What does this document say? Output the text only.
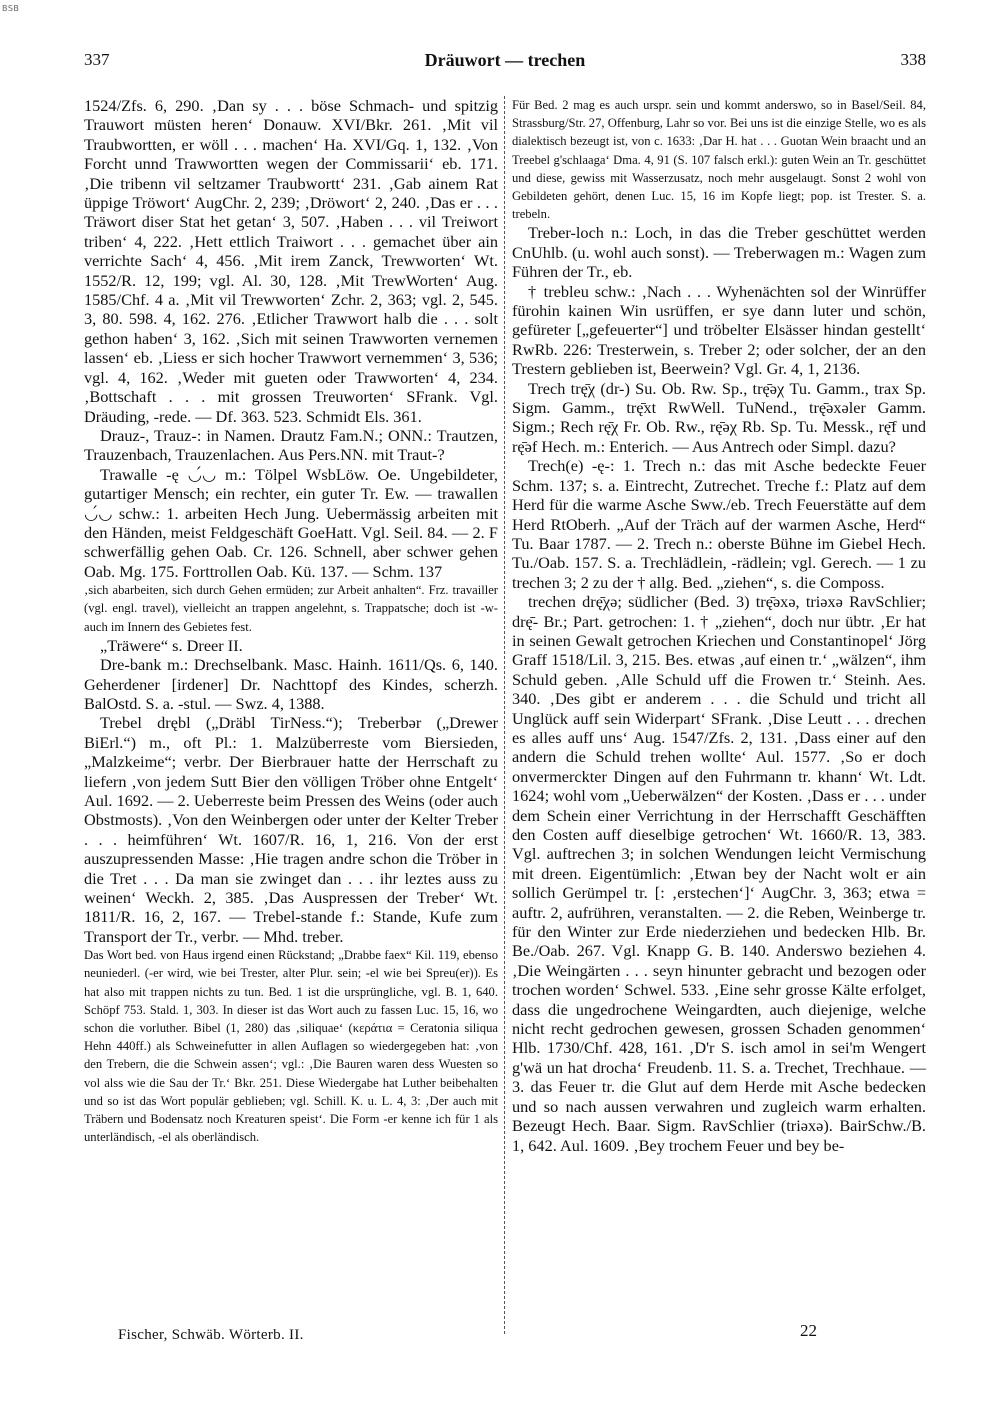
BSB
337	Dräuwort — trechen	338

1524/Zfs. 6, 290. ‚Dan sy . . . böse Schmach- und spitzig Trauwort müsten heren‘ Donauw. XVI/Bkr. 261. ‚Mit vil Traubwortten, er wöll . . . machen‘ Ha. XVI/Gq. 1, 132. ‚Von Forcht unnd Trawwortten wegen der Commissarii‘ eb. 171. ‚Die tribenn vil seltzamer Traubwortt‘ 231. ‚Gab ainem Rat üppige Tröwort‘ AugChr. 2, 239; ‚Dröwort‘ 2, 240. ‚Das er . . . Träwort diser Stat het getan‘ 3, 507. ‚Haben . . . vil Treiwort triben‘ 4, 222. ‚Hett ettlich Traiwort . . . gemachet über ain verrichte Sach‘ 4, 456. ‚Mit irem Zanck, Trewworten‘ Wt. 1552/R. 12, 199; vgl. Al. 30, 128. ‚Mit TrewWorten‘ Aug. 1585/Chf. 4 a. ‚Mit vil Trewworten‘ Zchr. 2, 363; vgl. 2, 545. 3, 80. 598. 4, 162. 276. ‚Etlicher Trawwort halb die . . . solt gethon haben‘ 3, 162. ‚Sich mit seinen Trawworten vernemen lassen‘ eb. ‚Liess er sich hocher Trawwort vernemmen‘ 3, 536; vgl. 4, 162. ‚Weder mit gueten oder Trawworten‘ 4, 234. ‚Bottschaft . . . mit grossen Treuworten‘ SFrank. Vgl. Dräuding, -rede. — Df. 363. 523. Schmidt Els. 361.

Drauz-, Trauz-: in Namen. Drautz Fam.N.; ONN.: Trautzen, Trauzenbach, Trauzenlachen. Aus Pers.NN. mit Traut-?

Trawalle -ę ◡́◡ m.: Tölpel WsbLöw. Oe. Ungebildeter, gutartiger Mensch; ein rechter, ein guter Tr. Ew. — trawallen ◡́◡ schw.: 1. arbeiten Hech Jung. Uebermässig arbeiten mit den Händen, meist Feldgeschäft GoeHatt. Vgl. Seil. 84. — 2. F schwerfällig gehen Oab. Cr. 126. Schnell, aber schwer gehen Oab. Mg. 175. Forttrollen Oab. Kü. 137. — Schm. 137

‚sich abarbeiten, sich durch Gehen ermüden; zur Arbeit anhalten“. Frz. travailler (vgl. engl. travel), vielleicht an trappen angelehnt, s. Trappatsche; doch ist -w- auch im Innern des Gebietes fest.

„Träwere“ s. Dreer II.

Dre-bank m.: Drechselbank. Masc. Hainh. 1611/Qs. 6, 140. Gеherdener [irdener] Dr. Nachttopf des Kindes, scherzh. BalOstd. S. a. -stul. — Swz. 4, 1388.

Trebel drębl („Dräbl TirNess.“); Treberbər („Drewer BiErl.“) m., oft Pl.: 1. Malzüberreste vom Biersieden, „Malzkeime“; verbr. Der Bierbrauer hatte der Herrschaft zu liefern ‚von jedem Sutt Bier den völligen Tröber ohne Entgelt‘ Aul. 1692. — 2. Ueberreste beim Pressen des Weins (oder auch Obstmosts). ‚Von den Weinbergen oder unter der Kelter Treber . . . heimführen‘ Wt. 1607/R. 16, 1, 216. Von der erst auszupressenden Masse: ‚Hie tragen andre schon die Tröber in die Tret . . . Da man sie zwinget dan . . . ihr leztes auss zu weinen‘ Weckh. 2, 385. ‚Das Auspressen der Treber‘ Wt. 1811/R. 16, 2, 167. — Trebel-stande f.: Stande, Kufe zum Transport der Tr., verbr. — Mhd. treber.

Das Wort bed. von Haus irgend einen Rückstand; „Drabbe faex“ Kil. 119, ebenso neuniederl. (-er wird, wie bei Trester, alter Plur. sein; -el wie bei Spreu(er)). Es hat also mit trappen nichts zu tun. Bed. 1 ist die ursprüngliche, vgl. B. 1, 640. Schöpf 753. Stald. 1, 303. In dieser ist das Wort auch zu fassen Luc. 15, 16, wo schon die vorluther. Bibel (1, 280) das ‚siliquae‘ (κεράτια = Ceratonia siliqua Hehn 440ff.) als Schweinefutter in allen Auflagen so wiedergegeben hat: ‚von den Trebern, die die Schwein assen‘; vgl.: ‚Die Bauren waren dess Wuesten so vol alss wie die Sau der Tr.‘ Bkr. 251. Diese Wiedergabe hat Luther beibehalten und so ist das Wort populär geblieben; vgl. Schill. K. u. L. 4, 3: ‚Der auch mit Träbern und Bodensatz noch Kreaturen speist‘. Die Form -er kenne ich für 1 als unterländisch, -el als oberländisch.

Für Bed. 2 mag es auch urspr. sein und kommt anderswo, so in Basel/Seil. 84, Strassburg/Str. 27, Offenburg, Lahr so vor. Bei uns ist die einzige Stelle, wo es als dialektisch bezeugt ist, von c. 1633: ‚Dar H. hat . . . Guotan Wein braacht und an Treebel g'schlaaga‘ Dma. 4, 91 (S. 107 falsch erkl.): guten Wein an Tr. geschüttet und diese, gewiss mit Wasserzusatz, noch mehr ausgelaugt. Sonst 2 wohl von Gebildeten gehört, denen Luc. 15, 16 im Kopfe liegt; pop. ist Trester. S. a. trebeln.

Treber-loch n.: Loch, in das die Treber geschüttet werden CnUhlb. (u. wohl auch sonst). — Treberwagen m.: Wagen zum Führen der Tr., eb.

† trebleu schw.: ‚Nach . . . Wyhenächten sol der Winrüffer fürohin kainen Win usrüffen, er sye dann luter und schön, gefüreter [„gefeuerter“] und tröbelter Elsässer hindan gestellt‘ RwRb. 226: Tresterwein, s. Treber 2; oder solcher, der an den Trestern geblieben ist, Beerwein? Vgl. Gr. 4, 1, 2136.

Trech trę̄χ (dr-) Su. Ob. Rw. Sp., trę̄əχ Tu. Gamm., trax Sp. Sigm. Gamm., trę̄xt RwWell. TuNend., trę̄əxəler Gamm. Sigm.; Rech rę̄χ Fr. Ob. Rw., rę̄əχ Rb. Sp. Tu. Messk., rę̄f und rę̄əf Hech. m.: Enterich. — Aus Antrech oder Simpl. dazu?

Trech(e) -ę-: 1. Trech n.: das mit Asche bedeckte Feuer Schm. 137; s. a. Eintrecht, Zutrechet. Treche f.: Platz auf dem Herd für die warme Asche Sww./eb. Trech Feuerstätte auf dem Herd RtOberh. „Auf der Träch auf der warmen Asche, Herd“ Tu. Baar 1787. — 2. Trech n.: oberste Bühne im Giebel Hech. Tu./Oab. 157. S. a. Trechlädlein, -rädlein; vgl. Gerech. — 1 zu trechen 3; 2 zu der † allg. Bed. „ziehen“, s. die Composs.

trechen drę̄χə; südlicher (Bed. 3) trę̄əxə, triəxə RavSchlier; drę̄- Br.; Part. getrochen: 1. † „ziehen“, doch nur übtr. ‚Er hat in seinen Gewalt getrochen Kriechen und Constantinopel‘ Jörg Graff 1518/Lil. 3, 215. Bes. etwas ‚auf einen tr.‘ „wälzen“, ihm Schuld geben. ‚Alle Schuld uff die Frowen tr.‘ Steinh. Aes. 340. ‚Des gibt er anderem . . . die Schuld und tricht all Unglück auff sein Widerpart‘ SFrank. ‚Dise Leutt . . . drechen es alles auff uns‘ Aug. 1547/Zfs. 2, 131. ‚Dass einer auf den andern die Schuld trehen wollte‘ Aul. 1577. ‚So er doch onvermerckter Dingen auf den Fuhrmann tr. khann‘ Wt. Ldt. 1624; wohl vom „Ueberwälzen“ der Kosten. ‚Dass er . . . under dem Schein einer Verrichtung in der Herrschafft Geschäfften den Costen auff dieselbige getrochen‘ Wt. 1660/R. 13, 383. Vgl. auftrechen 3; in solchen Wendungen leicht Vermischung mit dreen. Eigentümlich: ‚Etwan bey der Nacht wolt er ain sollich Gerümpel tr. [: ‚erstechen‘]‘ AugChr. 3, 363; etwa = auftr. 2, aufrühren, veranstalten. — 2. die Reben, Weinberge tr. für den Winter zur Erde niederziehen und bedecken Hlb. Br. Be./Oab. 267. Vgl. Knapp G. B. 140. Anderswo beziehen 4. ‚Die Weingärten . . . seyn hinunter gebracht und bezogen oder trochen worden‘ Schwel. 533. ‚Eine sehr grosse Kälte erfolget, dass die ungedrochene Weingardten, auch diejenige, welche nicht recht gedrochen gewesen, grossen Schaden genommen‘ Hlb. 1730/Chf. 428, 161. ‚D'r S. isch amol in sei'm Wengert g'wä un hat drocha‘ Freudenb. 11. S. a. Trechet, Trechhaue. — 3. das Feuer tr. die Glut auf dem Herde mit Asche bedecken und so nach aussen verwahren und zugleich warm erhalten. Bezeugt Hech. Baar. Sigm. RavSchlier (triəxə). BairSchw./B. 1, 642. Aul. 1609. ‚Bey trochem Feuer und bey be-

Fischer, Schwäb. Wörterb. II.	22
